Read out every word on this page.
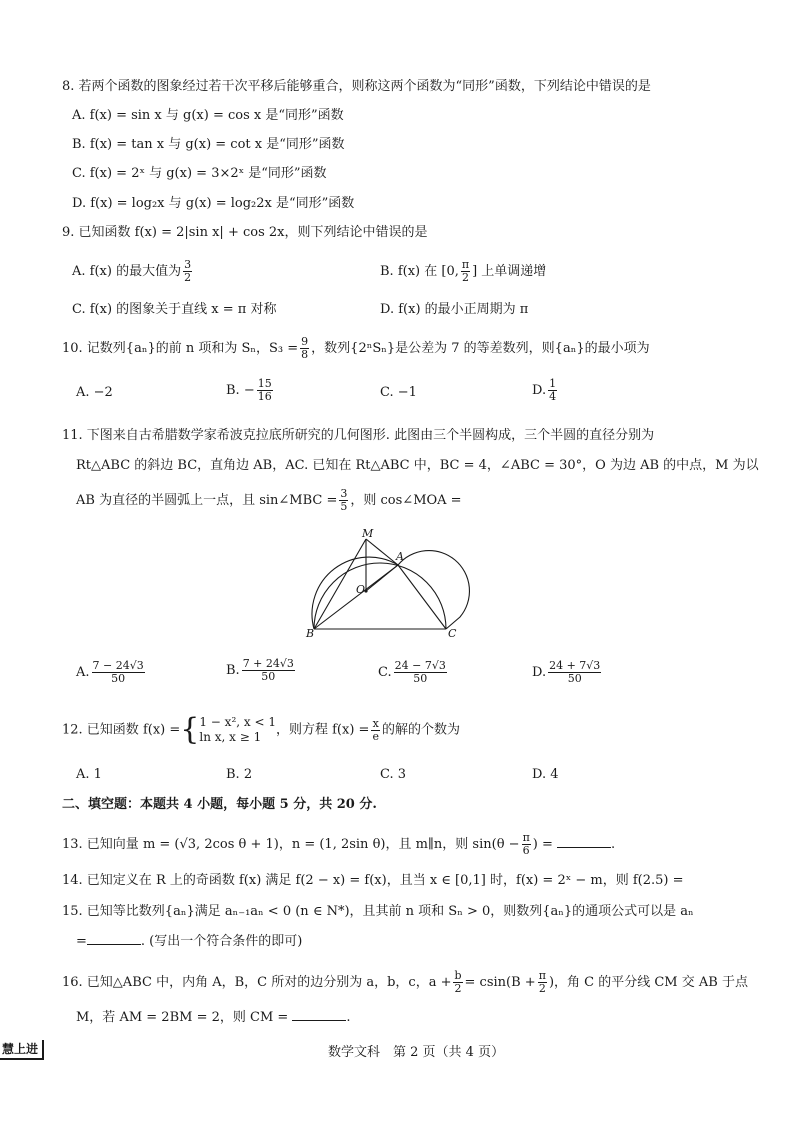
8. 若两个函数的图象经过若干次平移后能够重合，则称这两个函数为“同形”函数，下列结论中错误的是
A. f(x) = sin x 与 g(x) = cos x 是“同形”函数
B. f(x) = tan x 与 g(x) = cot x 是“同形”函数
C. f(x) = 2ˣ 与 g(x) = 3×2ˣ 是“同形”函数
D. f(x) = log₂x 与 g(x) = log₂2x 是“同形”函数
9. 已知函数 f(x) = 2|sin x| + cos 2x，则下列结论中错误的是
A. f(x) 的最大值为 $\frac{3}{2}$	B. f(x) 在 [0, $\frac{\pi}{2}$ ] 上单调递增
C. f(x) 的图象关于直线 x = π 对称	D. f(x) 的最小正周期为 π
10. 记数列{aₙ}的前 n 项和为 Sₙ，$S_3 = \frac{9}{8}$ ，数列{2ⁿSₙ}是公差为 7 的等差数列，则{aₙ}的最小项为
A. −2	B. − $\frac{15}{16}$	C. −1	D. $\frac{1}{4}$
11. 下图来自古希腊数学家希波克拉底所研究的几何图形. 此图由三个半圆构成，三个半圆的直径分别为
Rt△ABC 的斜边 BC，直角边 AB，AC. 已知在 Rt△ABC 中，BC = 4，∠ABC = 30°，O 为边 AB 的中点，M 为以
AB 为直径的半圆弧上一点，且 sin∠MBC = $\frac{3}{5}$ ，则 cos∠MOA =
M
A
O
B	C
A. $\frac{7 - 24√3}{50}$	B. $\frac{7 + 24√3}{50}$	C. $\frac{24 - 7√3}{50}$	D. $\frac{24 + 7√3}{50}$
12. 已知函数 f(x) ={ 1 − x², x < 1
ln x, x ≥ 1	，则方程 $f(x) = \frac{x}{e}$ 的解的个数为
A. 1	B. 2	C. 3	D. 4
二、填空题：本题共 4 小题，每小题 5 分，共 20 分.
13. 已知向量 m = (√3, 2cos θ + 1)，n = (1, 2sin θ)，且 m∥n，则 $\sin(\theta - \frac{\pi}{6}$ ) =	.
14. 已知定义在 R 上的奇函数 f(x) 满足 f(2 − x) = f(x)，且当 x ∈ [0,1] 时，f(x) = 2ˣ − m，则 f(2.5) =
15. 已知等比数列{aₙ}满足 aₙ₋₁aₙ < 0 (n ∈ N*)，且其前 n 项和 Sₙ > 0，则数列{aₙ}的通项公式可以是 aₙ
=	. (写出一个符合条件的即可)
16. 已知△ABC 中，内角 A，B，C 所对的边分别为 a，b，c，$a + \frac{b}{2} = csin(B + \frac{\pi}{2}$ )，角 C 的平分线 CM 交 AB 于点
M，若 AM = 2BM = 2，则 CM =	.
慧上进	数学文科　第 2 页（共 4 页）
